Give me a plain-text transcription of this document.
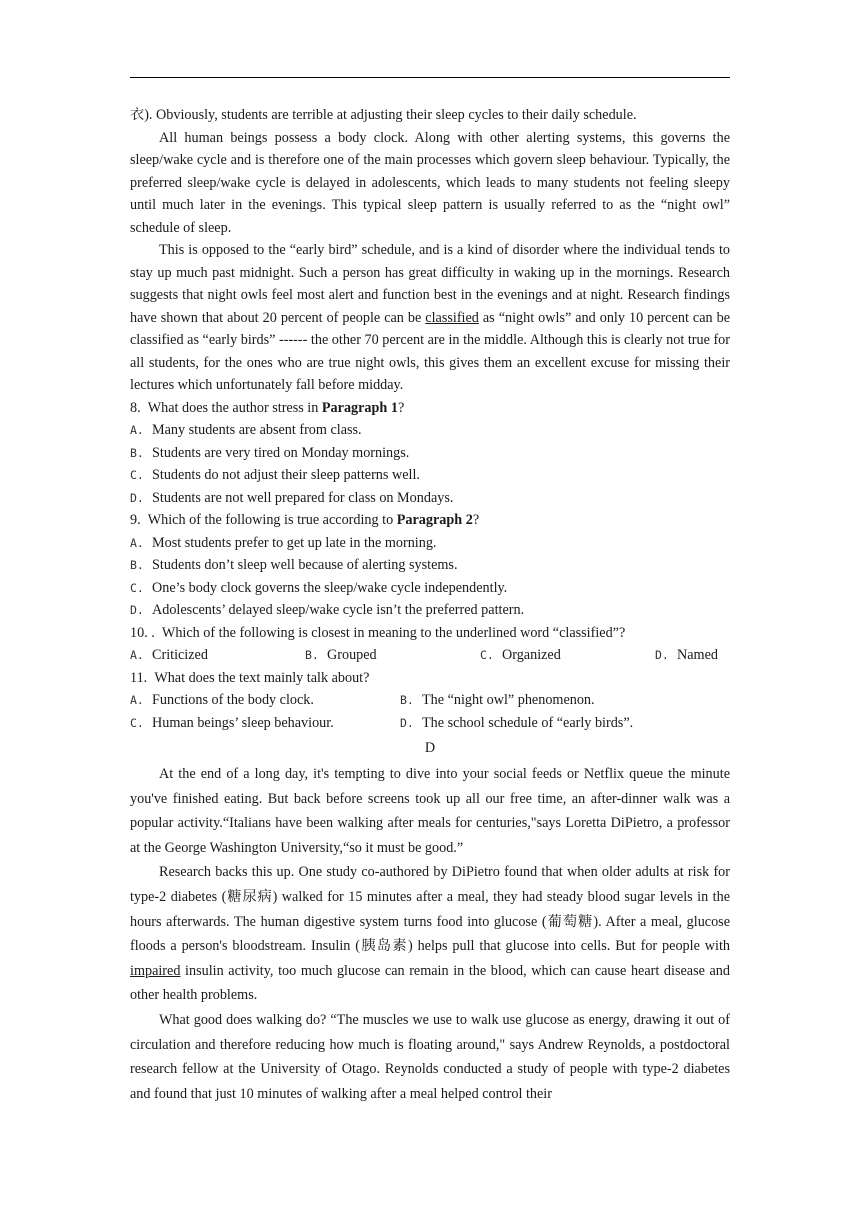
衣). Obviously, students are terrible at adjusting their sleep cycles to their daily schedule.

All human beings possess a body clock. Along with other alerting systems, this governs the sleep/wake cycle and is therefore one of the main processes which govern sleep behaviour. Typically, the preferred sleep/wake cycle is delayed in adolescents, which leads to many students not feeling sleepy until much later in the evenings. This typical sleep pattern is usually referred to as the “night owl” schedule of sleep.

This is opposed to the “early bird” schedule, and is a kind of disorder where the individual tends to stay up much past midnight. Such a person has great difficulty in waking up in the mornings. Research suggests that night owls feel most alert and function best in the evenings and at night. Research findings have shown that about 20 percent of people can be classified as “night owls” and only 10 percent can be classified as “early birds” ------ the other 70 percent are in the middle. Although this is clearly not true for all students, for the ones who are true night owls, this gives them an excellent excuse for missing their lectures which unfortunately fall before midday.

8. What does the author stress in Paragraph 1?

A. Many students are absent from class.

B. Students are very tired on Monday mornings.

C. Students do not adjust their sleep patterns well.

D. Students are not well prepared for class on Mondays.

9. Which of the following is true according to Paragraph 2?

A. Most students prefer to get up late in the morning.

B. Students don’t sleep well because of alerting systems.

C. One’s body clock governs the sleep/wake cycle independently.

D. Adolescents’ delayed sleep/wake cycle isn’t the preferred pattern.

10. . Which of the following is closest in meaning to the underlined word “classified”?

A. Criticized	B. Grouped	C. Organized	D. Named

11. What does the text mainly talk about?

A. Functions of the body clock.	B. The “night owl” phenomenon.
C. Human beings’ sleep behaviour.	D. The school schedule of “early birds”.

D

At the end of a long day, it's tempting to dive into your social feeds or Netflix queue the minute you've finished eating. But back before screens took up all our free time, an after-dinner walk was a popular activity.“Italians have been walking after meals for centuries,"says Loretta DiPietro, a professor at the George Washington University,“so it must be good.”

Research backs this up. One study co-authored by DiPietro found that when older adults at risk for type-2 diabetes (糖尿病) walked for 15 minutes after a meal, they had steady blood sugar levels in the hours afterwards. The human digestive system turns food into glucose (葡萄糖). After a meal, glucose floods a person's bloodstream. Insulin (胰岛素) helps pull that glucose into cells. But for people with impaired insulin activity, too much glucose can remain in the blood, which can cause heart disease and other health problems.

What good does walking do? “The muscles we use to walk use glucose as energy, drawing it out of circulation and therefore reducing how much is floating around," says Andrew Reynolds, a postdoctoral research fellow at the University of Otago. Reynolds conducted a study of people with type-2 diabetes and found that just 10 minutes of walking after a meal helped control their
